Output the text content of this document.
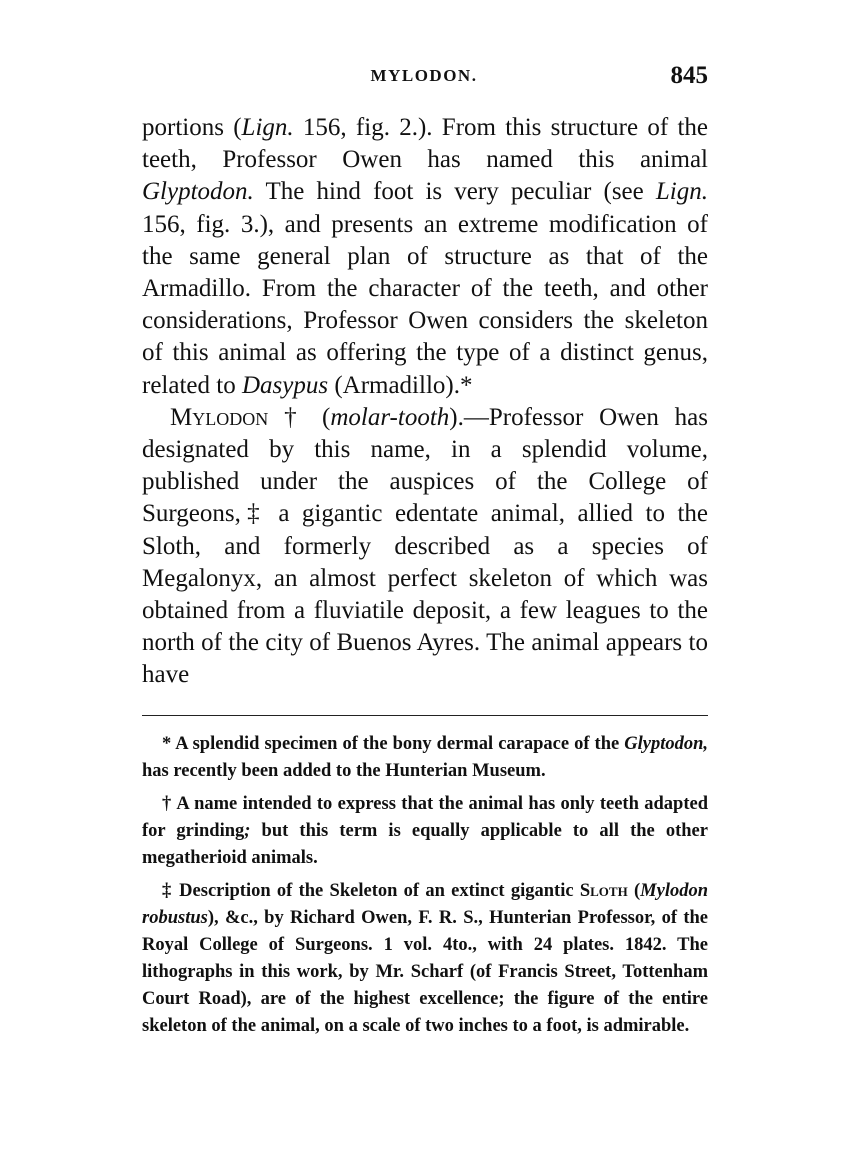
MYLODON.	845

portions (Lign. 156, fig. 2.). From this structure of the teeth, Professor Owen has named this animal Glyptodon. The hind foot is very peculiar (see Lign. 156, fig. 3.), and presents an extreme modification of the same general plan of structure as that of the Armadillo. From the character of the teeth, and other considerations, Professor Owen considers the skeleton of this animal as offering the type of a distinct genus, related to Dasypus (Armadillo).*

Mylodon † (molar-tooth).—Professor Owen has designated by this name, in a splendid volume, published under the auspices of the College of Surgeons,‡ a gigantic edentate animal, allied to the Sloth, and formerly described as a species of Megalonyx, an almost perfect skeleton of which was obtained from a fluviatile deposit, a few leagues to the north of the city of Buenos Ayres. The animal appears to have

* A splendid specimen of the bony dermal carapace of the Glyptodon, has recently been added to the Hunterian Museum.

† A name intended to express that the animal has only teeth adapted for grinding; but this term is equally applicable to all the other megatherioid animals.

‡ Description of the Skeleton of an extinct gigantic Sloth (Mylodon robustus), &c., by Richard Owen, F. R. S., Hunterian Professor, of the Royal College of Surgeons. 1 vol. 4to., with 24 plates. 1842. The lithographs in this work, by Mr. Scharf (of Francis Street, Tottenham Court Road), are of the highest excellence; the figure of the entire skeleton of the animal, on a scale of two inches to a foot, is admirable.
